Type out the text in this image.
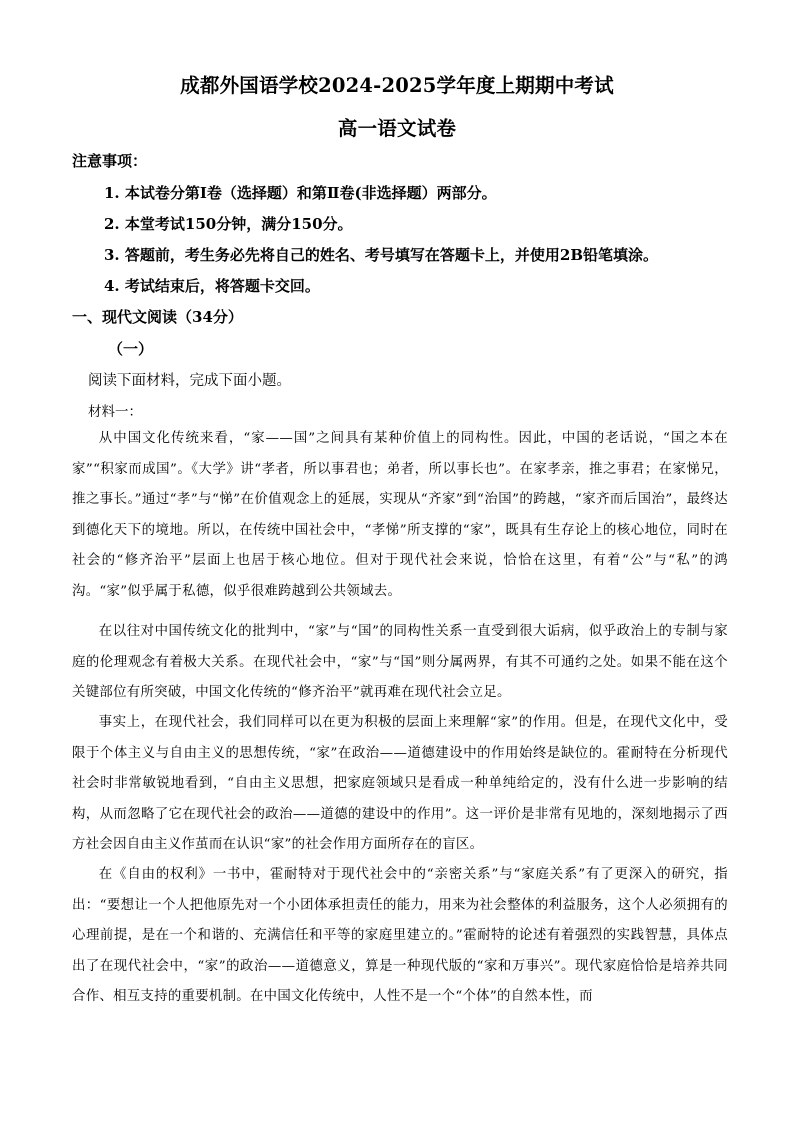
成都外国语学校2024-2025学年度上期期中考试
高一语文试卷
注意事项：
1. 本试卷分第Ⅰ卷（选择题）和第Ⅱ卷(非选择题）两部分。
2. 本堂考试150分钟，满分150分。
3. 答题前，考生务必先将自己的姓名、考号填写在答题卡上，并使用2B铅笔填涂。
4. 考试结束后，将答题卡交回。
一、现代文阅读（34分）
（一）
阅读下面材料，完成下面小题。
材料一：

从中国文化传统来看，“家——国”之间具有某种价值上的同构性。因此，中国的老话说，“国之本在家”“积家而成国”。《大学》讲“孝者，所以事君也；弟者，所以事长也”。在家孝亲，推之事君；在家悌兄，推之事长。”通过“孝”与“悌”在价值观念上的延展，实现从“齐家”到“治国”的跨越，“家齐而后国治”，最终达到德化天下的境地。所以，在传统中国社会中，“孝悌”所支撑的“家”，既具有生存论上的核心地位，同时在社会的“修齐治平”层面上也居于核心地位。但对于现代社会来说，恰恰在这里，有着“公”与“私”的鸿沟。“家”似乎属于私德，似乎很难跨越到公共领域去。

在以往对中国传统文化的批判中，“家”与“国”的同构性关系一直受到很大诟病，似乎政治上的专制与家庭的伦理观念有着极大关系。在现代社会中，“家”与“国”则分属两界，有其不可通约之处。如果不能在这个关键部位有所突破，中国文化传统的“修齐治平”就再难在现代社会立足。

事实上，在现代社会，我们同样可以在更为积极的层面上来理解“家”的作用。但是，在现代文化中，受限于个体主义与自由主义的思想传统，“家”在政治——道德建设中的作用始终是缺位的。霍耐特在分析现代社会时非常敏锐地看到，“自由主义思想，把家庭领域只是看成一种单纯给定的，没有什么进一步影响的结构，从而忽略了它在现代社会的政治——道德的建设中的作用”。这一评价是非常有见地的，深刻地揭示了西方社会因自由主义作茧而在认识“家”的社会作用方面所存在的盲区。

在《自由的权利》一书中，霍耐特对于现代社会中的“亲密关系”与“家庭关系”有了更深入的研究，指出：“要想让一个人把他原先对一个小团体承担责任的能力，用来为社会整体的利益服务，这个人必须拥有的心理前提，是在一个和谐的、充满信任和平等的家庭里建立的。”霍耐特的论述有着强烈的实践智慧，具体点出了在现代社会中，“家”的政治——道德意义，算是一种现代版的“家和万事兴”。现代家庭恰恰是培养共同合作、相互支持的重要机制。在中国文化传统中，人性不是一个“个体”的自然本性，而
